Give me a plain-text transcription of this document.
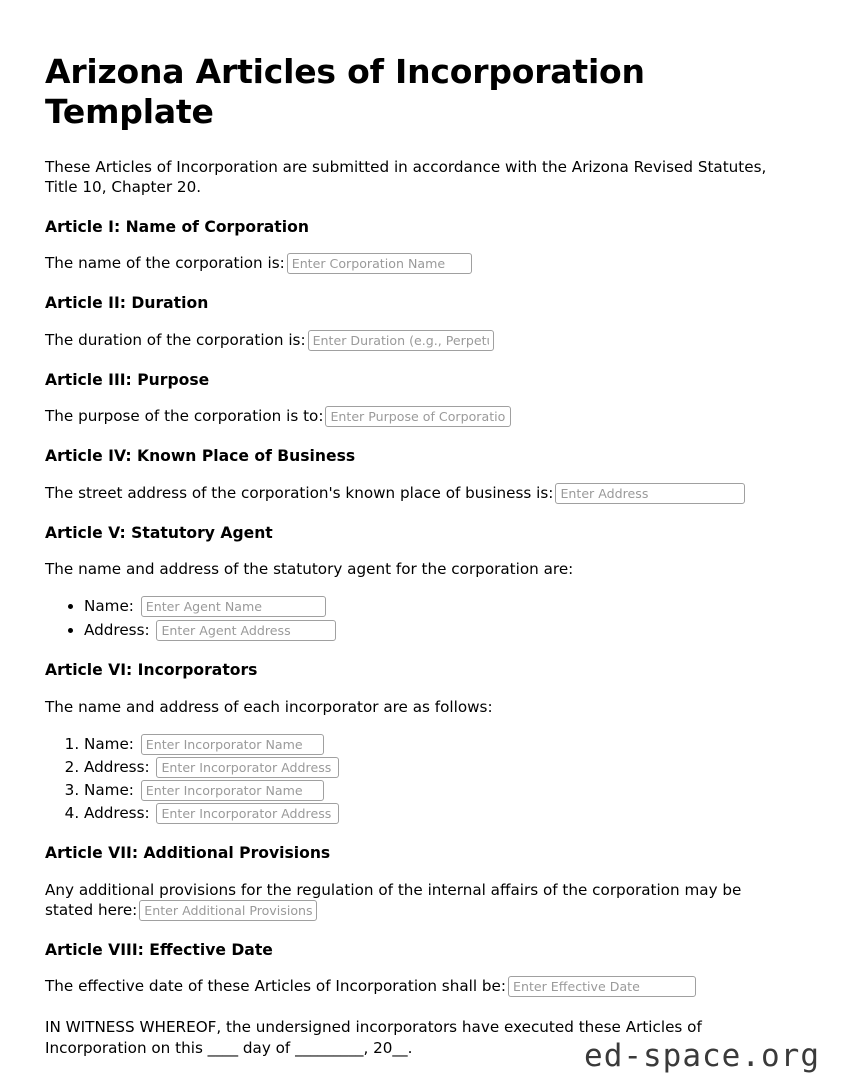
Arizona Articles of Incorporation Template

These Articles of Incorporation are submitted in accordance with the Arizona Revised Statutes, Title 10, Chapter 20.

Article I: Name of Corporation

The name of the corporation is:Enter Corporation Name

Article II: Duration

The duration of the corporation is:Enter Duration (e.g., Perpetual)

Article III: Purpose

The purpose of the corporation is to:Enter Purpose of Corporation

Article IV: Known Place of Business

The street address of the corporation's known place of business is:Enter Address

Article V: Statutory Agent

The name and address of the statutory agent for the corporation are:

• Name: Enter Agent Name
• Address: Enter Agent Address
Article VI: Incorporators

The name and address of each incorporator are as follows:

1. Name: Enter Incorporator Name
2. Address: Enter Incorporator Address
3. Name: Enter Incorporator Name
4. Address: Enter Incorporator Address
Article VII: Additional Provisions

Any additional provisions for the regulation of the internal affairs of the corporation may be stated here:Enter Additional Provisions

Article VIII: Effective Date

The effective date of these Articles of Incorporation shall be:Enter Effective Date

IN WITNESS WHEREOF, the undersigned incorporators have executed these Articles of Incorporation on this ____ day of _________, 20__.	ed-space.org
